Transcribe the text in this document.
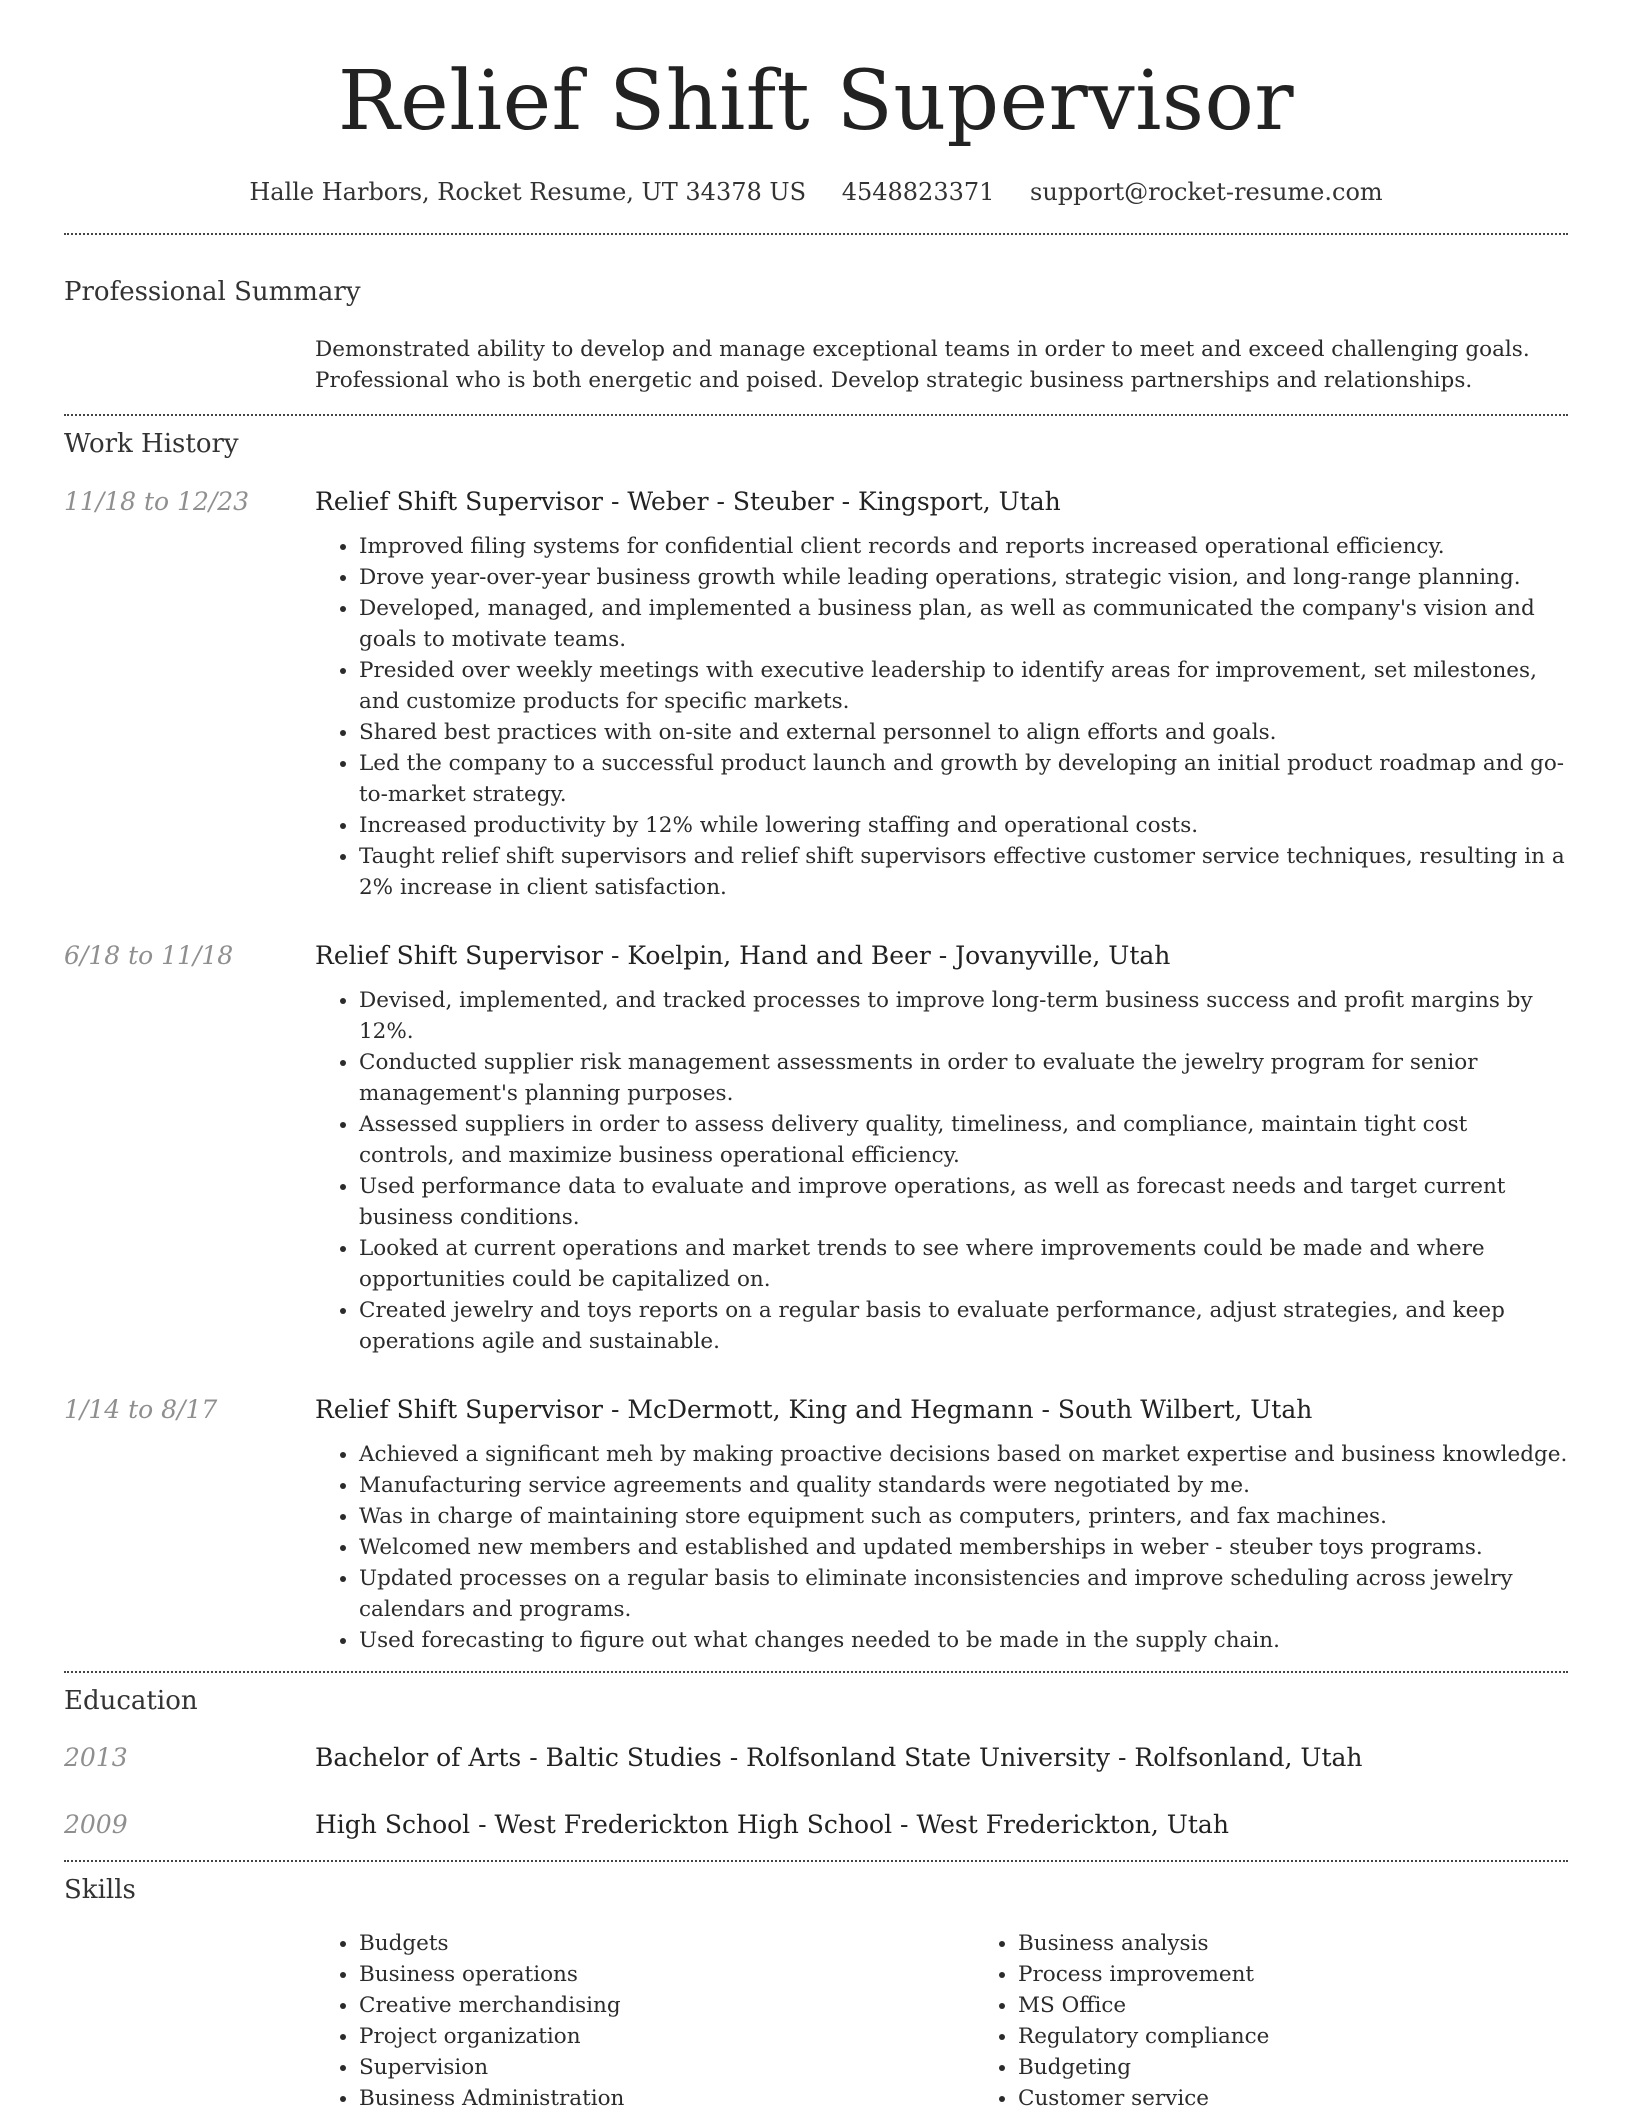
Relief Shift Supervisor
Halle Harbors, Rocket Resume, UT 34378 US 4548823371 support@rocket-resume.com
Professional Summary
Demonstrated ability to develop and manage exceptional teams in order to meet and exceed challenging goals. Professional who is both energetic and poised. Develop strategic business partnerships and relationships.
Work History
11/18 to 12/23	Relief Shift Supervisor - Weber - Steuber - Kingsport, Utah
• Improved filing systems for confidential client records and reports increased operational efficiency.
• Drove year-over-year business growth while leading operations, strategic vision, and long-range planning.
• Developed, managed, and implemented a business plan, as well as communicated the company's vision and goals to motivate teams.
• Presided over weekly meetings with executive leadership to identify areas for improvement, set milestones, and customize products for specific markets.
• Shared best practices with on-site and external personnel to align efforts and goals.
• Led the company to a successful product launch and growth by developing an initial product roadmap and go-to-market strategy.
• Increased productivity by 12% while lowering staffing and operational costs.
• Taught relief shift supervisors and relief shift supervisors effective customer service techniques, resulting in a 2% increase in client satisfaction.
6/18 to 11/18	Relief Shift Supervisor - Koelpin, Hand and Beer - Jovanyville, Utah
• Devised, implemented, and tracked processes to improve long-term business success and profit margins by 12%.
• Conducted supplier risk management assessments in order to evaluate the jewelry program for senior management's planning purposes.
• Assessed suppliers in order to assess delivery quality, timeliness, and compliance, maintain tight cost controls, and maximize business operational efficiency.
• Used performance data to evaluate and improve operations, as well as forecast needs and target current business conditions.
• Looked at current operations and market trends to see where improvements could be made and where opportunities could be capitalized on.
• Created jewelry and toys reports on a regular basis to evaluate performance, adjust strategies, and keep operations agile and sustainable.
1/14 to 8/17	Relief Shift Supervisor - McDermott, King and Hegmann - South Wilbert, Utah
• Achieved a significant meh by making proactive decisions based on market expertise and business knowledge.
• Manufacturing service agreements and quality standards were negotiated by me.
• Was in charge of maintaining store equipment such as computers, printers, and fax machines.
• Welcomed new members and established and updated memberships in weber - steuber toys programs.
• Updated processes on a regular basis to eliminate inconsistencies and improve scheduling across jewelry calendars and programs.
• Used forecasting to figure out what changes needed to be made in the supply chain.
Education
2013	Bachelor of Arts - Baltic Studies - Rolfsonland State University - Rolfsonland, Utah
2009	High School - West Frederickton High School - West Frederickton, Utah
Skills
• Budgets
• Business operations
• Creative merchandising
• Project organization
• Supervision
• Business Administration
• Business analysis
• Process improvement
• MS Office
• Regulatory compliance
• Budgeting
• Customer service
